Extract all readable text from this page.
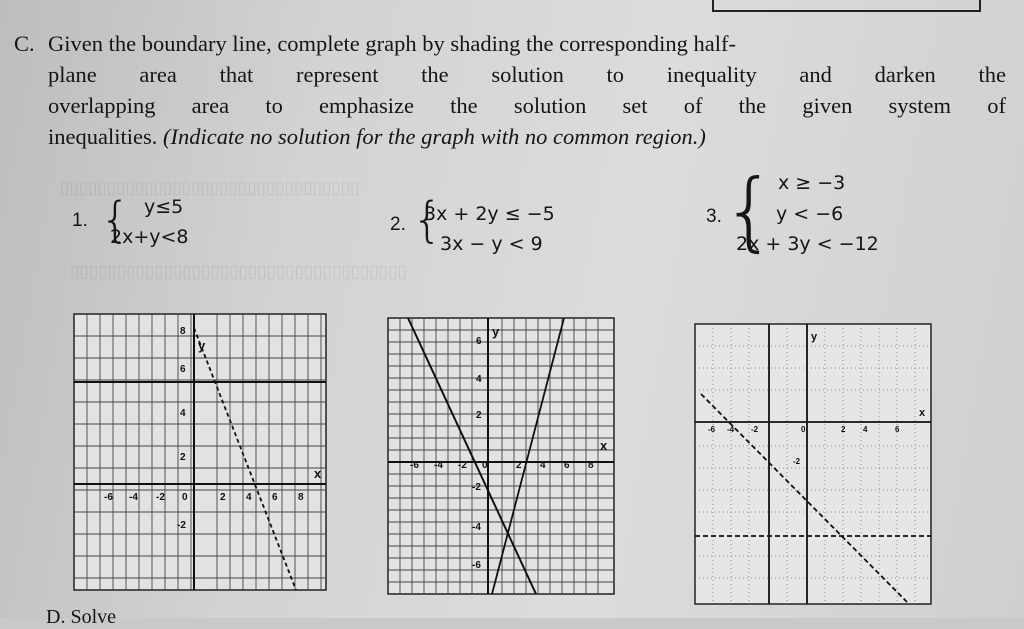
▯▯▯▯▯▯▯▯▯▯▯▯▯▯▯▯▯▯▯▯▯▯▯▯▯▯▯▯▯▯▯▯
▯▯▯▯▯▯▯▯▯▯▯▯▯▯▯▯▯▯▯▯▯▯▯▯▯▯▯▯▯▯▯▯▯▯▯▯
C. Given the boundary line, complete graph by shading the corresponding half-
plane area that represent the solution to inequality and darken the
overlapping area to emphasize the solution set of the given system of
inequalities. (Indicate no solution for the graph with no common region.)
1. { y≤5
2x+y<8
2. {
3x + 2y ≤ −5
3x − y < 9
3. { x ≥ −3
y < −6
2x + 3y < −12
-6 -4 -2 0	2 4 6 8
8
6
4
2
-2
x
y
-6 -4 -2 0	2 4 6 8
6
4
2
-2
-4
-6
x
y
-6 -4 -2	0	2 4	6
-2
x
y
D. Solve
